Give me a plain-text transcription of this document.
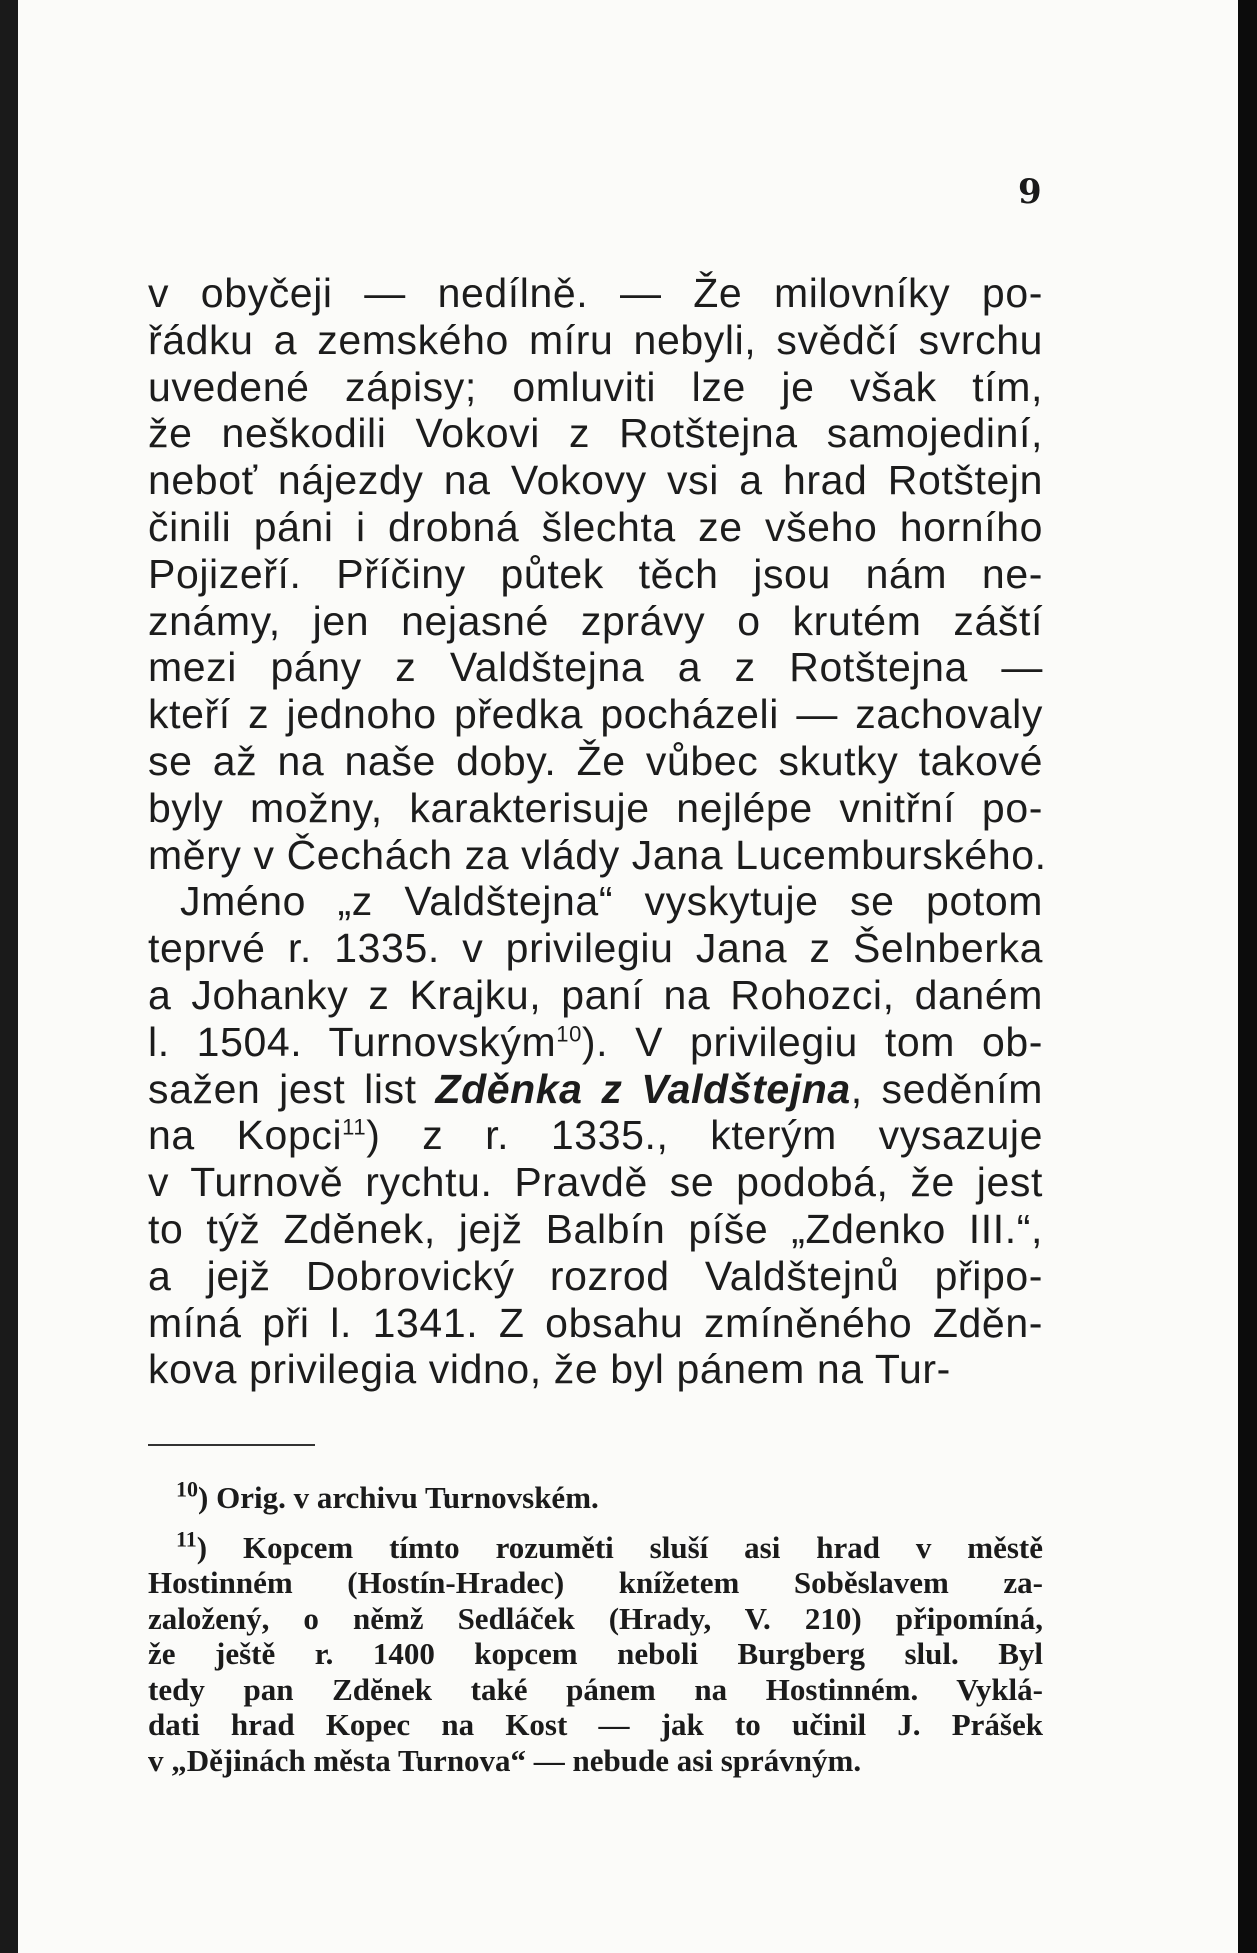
9
v obyčeji — nedílně. — Že milovníky po-
řádku a zemského míru nebyli, svědčí svrchu
uvedené zápisy; omluviti lze je však tím,
že neškodili Vokovi z Rotštejna samojediní,
neboť nájezdy na Vokovy vsi a hrad Rotštejn
činili páni i drobná šlechta ze všeho horního
Pojizeří. Příčiny půtek těch jsou nám ne-
známy, jen nejasné zprávy o krutém záští
mezi pány z Valdštejna a z Rotštejna —
kteří z jednoho předka pocházeli — zachovaly
se až na naše doby. Že vůbec skutky takové
byly možny, karakterisuje nejlépe vnitřní po-
měry v Čechách za vlády Jana Lucemburského.
Jméno „z Valdštejna“ vyskytuje se potom
teprvé r. 1335. v privilegiu Jana z Šelnberka
a Johanky z Krajku, paní na Rohozci, daném
l. 1504. Turnovským$^{10}$). V privilegiu tom ob-
sažen jest list Zděnka z Valdštejna, seděním
na Kopci$^{11}$) z r. 1335., kterým vysazuje
v Turnově rychtu. Pravdě se podobá, že jest
to týž Zdĕnek, jejž Balbín píše „Zdenko III.“,
a jejž Dobrovický rozrod Valdštejnů připo-
míná při l. 1341. Z obsahu zmíněného Zděn-
kova privilegia vidno, že byl pánem na Tur-
$^{10}$) Orig. v archivu Turnovském.
$^{11}$) Kopcem tímto rozuměti sluší asi hrad v městě
Hostinném (Hostín-Hradec) knížetem Soběslavem za-
založený, o němž Sedláček (Hrady, V. 210) připomíná,
že ještě r. 1400 kopcem neboli Burgberg slul. Byl
tedy pan Zdĕnek také pánem na Hostinném. Vyklá-
dati hrad Kopec na Kost — jak to učinil J. Prášek
v „Dějinách města Turnova“ — nebude asi správným.
